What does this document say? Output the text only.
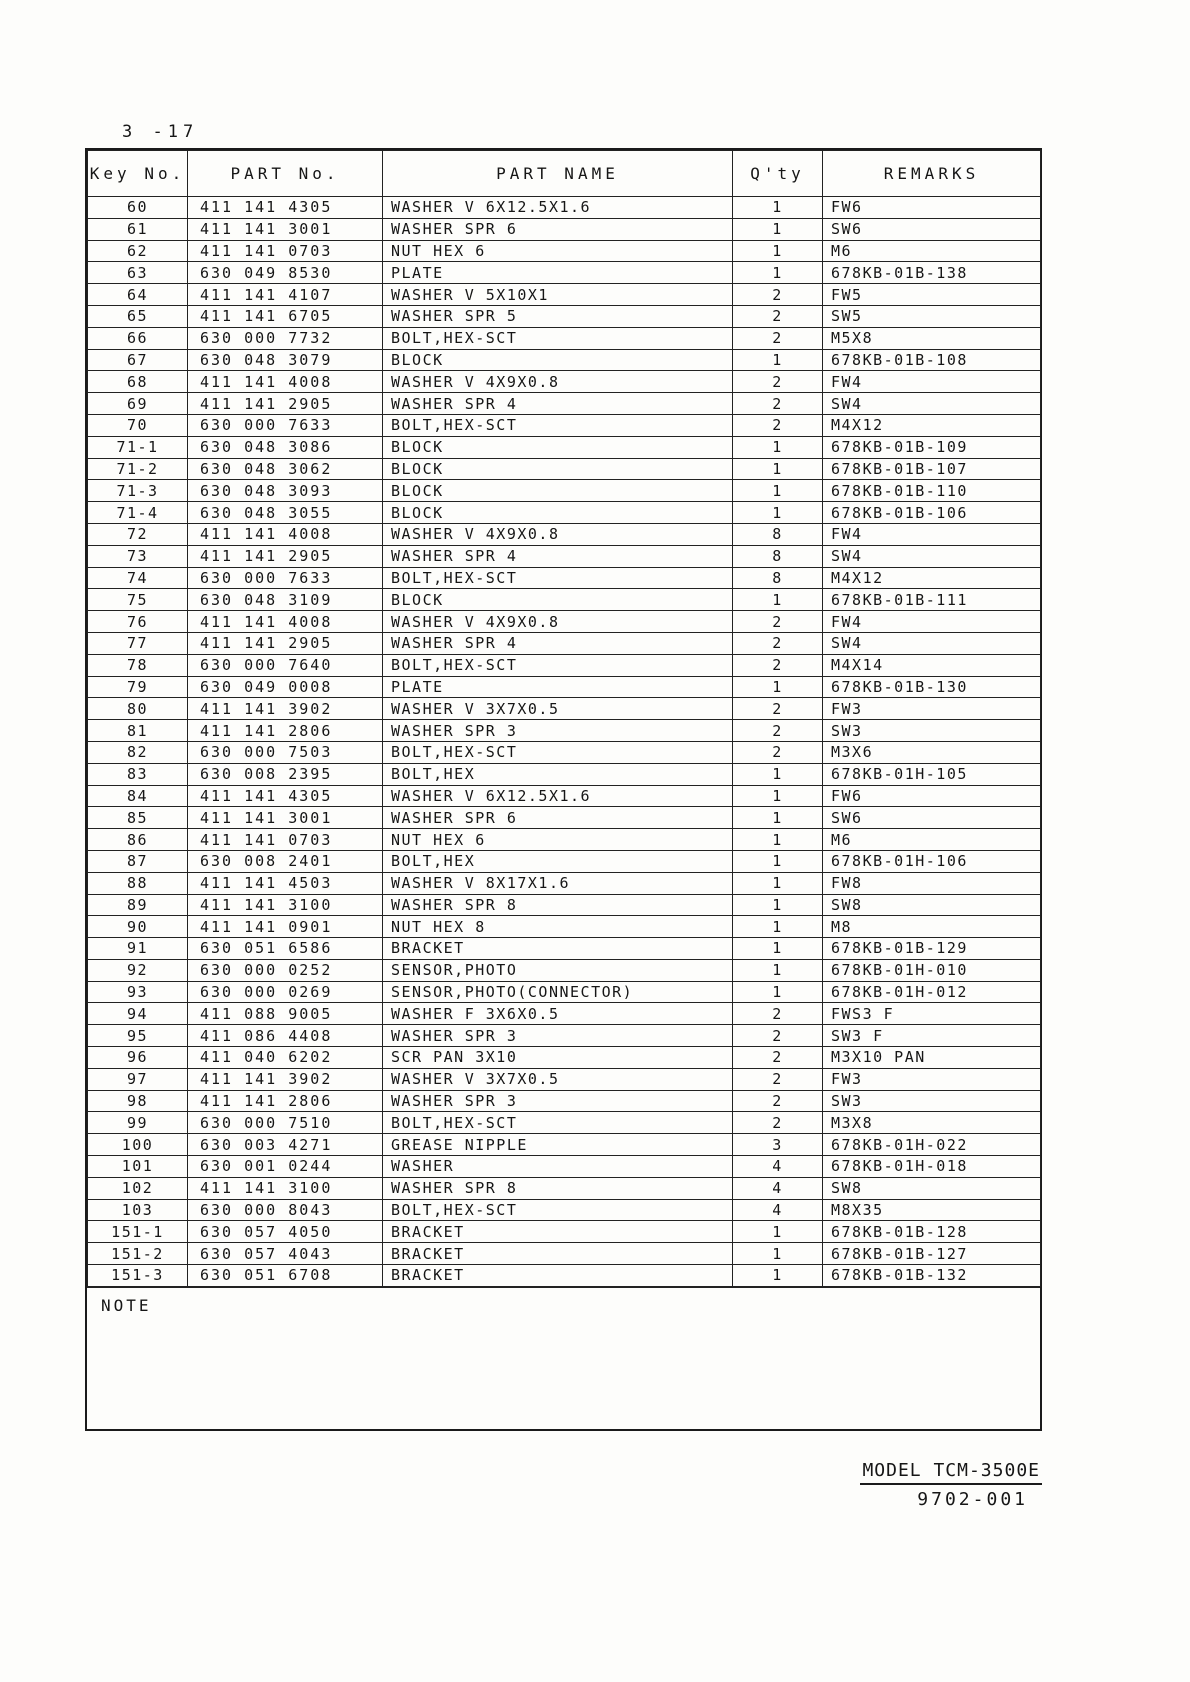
3 -17
Key No.	PART No.	PART NAME	Q'ty	REMARKS
60	411 141 4305	WASHER V 6X12.5X1.6	1	FW6
61	411 141 3001	WASHER SPR 6	1	SW6
62	411 141 0703	NUT HEX 6	1	M6
63	630 049 8530	PLATE	1	678KB-01B-138
64	411 141 4107	WASHER V 5X10X1	2	FW5
65	411 141 6705	WASHER SPR 5	2	SW5
66	630 000 7732	BOLT,HEX-SCT	2	M5X8
67	630 048 3079	BLOCK	1	678KB-01B-108
68	411 141 4008	WASHER V 4X9X0.8	2	FW4
69	411 141 2905	WASHER SPR 4	2	SW4
70	630 000 7633	BOLT,HEX-SCT	2	M4X12
71-1	630 048 3086	BLOCK	1	678KB-01B-109
71-2	630 048 3062	BLOCK	1	678KB-01B-107
71-3	630 048 3093	BLOCK	1	678KB-01B-110
71-4	630 048 3055	BLOCK	1	678KB-01B-106
72	411 141 4008	WASHER V 4X9X0.8	8	FW4
73	411 141 2905	WASHER SPR 4	8	SW4
74	630 000 7633	BOLT,HEX-SCT	8	M4X12
75	630 048 3109	BLOCK	1	678KB-01B-111
76	411 141 4008	WASHER V 4X9X0.8	2	FW4
77	411 141 2905	WASHER SPR 4	2	SW4
78	630 000 7640	BOLT,HEX-SCT	2	M4X14
79	630 049 0008	PLATE	1	678KB-01B-130
80	411 141 3902	WASHER V 3X7X0.5	2	FW3
81	411 141 2806	WASHER SPR 3	2	SW3
82	630 000 7503	BOLT,HEX-SCT	2	M3X6
83	630 008 2395	BOLT,HEX	1	678KB-01H-105
84	411 141 4305	WASHER V 6X12.5X1.6	1	FW6
85	411 141 3001	WASHER SPR 6	1	SW6
86	411 141 0703	NUT HEX 6	1	M6
87	630 008 2401	BOLT,HEX	1	678KB-01H-106
88	411 141 4503	WASHER V 8X17X1.6	1	FW8
89	411 141 3100	WASHER SPR 8	1	SW8
90	411 141 0901	NUT HEX 8	1	M8
91	630 051 6586	BRACKET	1	678KB-01B-129
92	630 000 0252	SENSOR,PHOTO	1	678KB-01H-010
93	630 000 0269	SENSOR,PHOTO(CONNECTOR)	1	678KB-01H-012
94	411 088 9005	WASHER F 3X6X0.5	2	FWS3 F
95	411 086 4408	WASHER SPR 3	2	SW3 F
96	411 040 6202	SCR PAN 3X10	2	M3X10 PAN
97	411 141 3902	WASHER V 3X7X0.5	2	FW3
98	411 141 2806	WASHER SPR 3	2	SW3
99	630 000 7510	BOLT,HEX-SCT	2	M3X8
100	630 003 4271	GREASE NIPPLE	3	678KB-01H-022
101	630 001 0244	WASHER	4	678KB-01H-018
102	411 141 3100	WASHER SPR 8	4	SW8
103	630 000 8043	BOLT,HEX-SCT	4	M8X35
151-1	630 057 4050	BRACKET	1	678KB-01B-128
151-2	630 057 4043	BRACKET	1	678KB-01B-127
151-3	630 051 6708	BRACKET	1	678KB-01B-132
NOTE
MODEL TCM-3500E
9702-001
